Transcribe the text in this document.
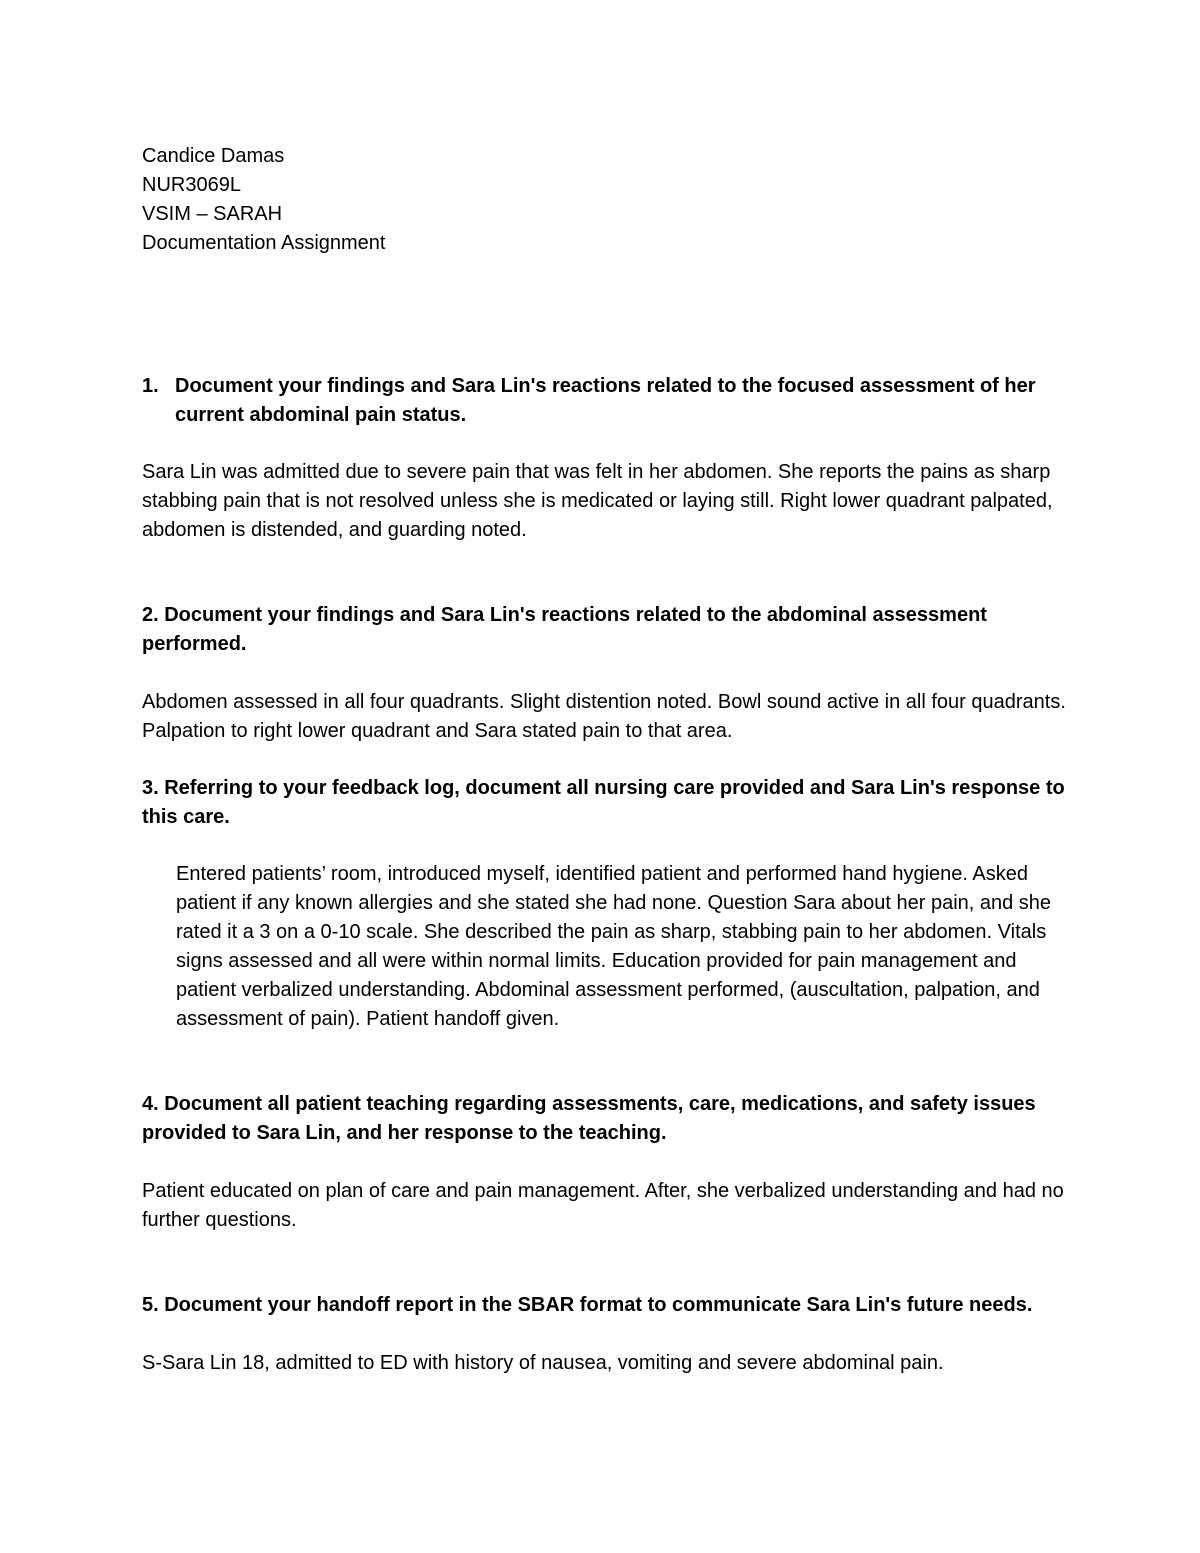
Candice Damas
NUR3069L
VSIM – SARAH
Documentation Assignment
1. Document your findings and Sara Lin's reactions related to the focused assessment of her current abdominal pain status.

Sara Lin was admitted due to severe pain that was felt in her abdomen. She reports the pains as sharp stabbing pain that is not resolved unless she is medicated or laying still. Right lower quadrant palpated, abdomen is distended, and guarding noted.

2. Document your findings and Sara Lin's reactions related to the abdominal assessment performed.

Abdomen assessed in all four quadrants. Slight distention noted. Bowl sound active in all four quadrants. Palpation to right lower quadrant and Sara stated pain to that area.

3. Referring to your feedback log, document all nursing care provided and Sara Lin's response to this care.

Entered patients’ room, introduced myself, identified patient and performed hand hygiene. Asked patient if any known allergies and she stated she had none. Question Sara about her pain, and she rated it a 3 on a 0-10 scale. She described the pain as sharp, stabbing pain to her abdomen. Vitals signs assessed and all were within normal limits. Education provided for pain management and patient verbalized understanding. Abdominal assessment performed, (auscultation, palpation, and assessment of pain). Patient handoff given.

4. Document all patient teaching regarding assessments, care, medications, and safety issues provided to Sara Lin, and her response to the teaching.

Patient educated on plan of care and pain management. After, she verbalized understanding and had no further questions.

5. Document your handoff report in the SBAR format to communicate Sara Lin's future needs.

S-Sara Lin 18, admitted to ED with history of nausea, vomiting and severe abdominal pain.
